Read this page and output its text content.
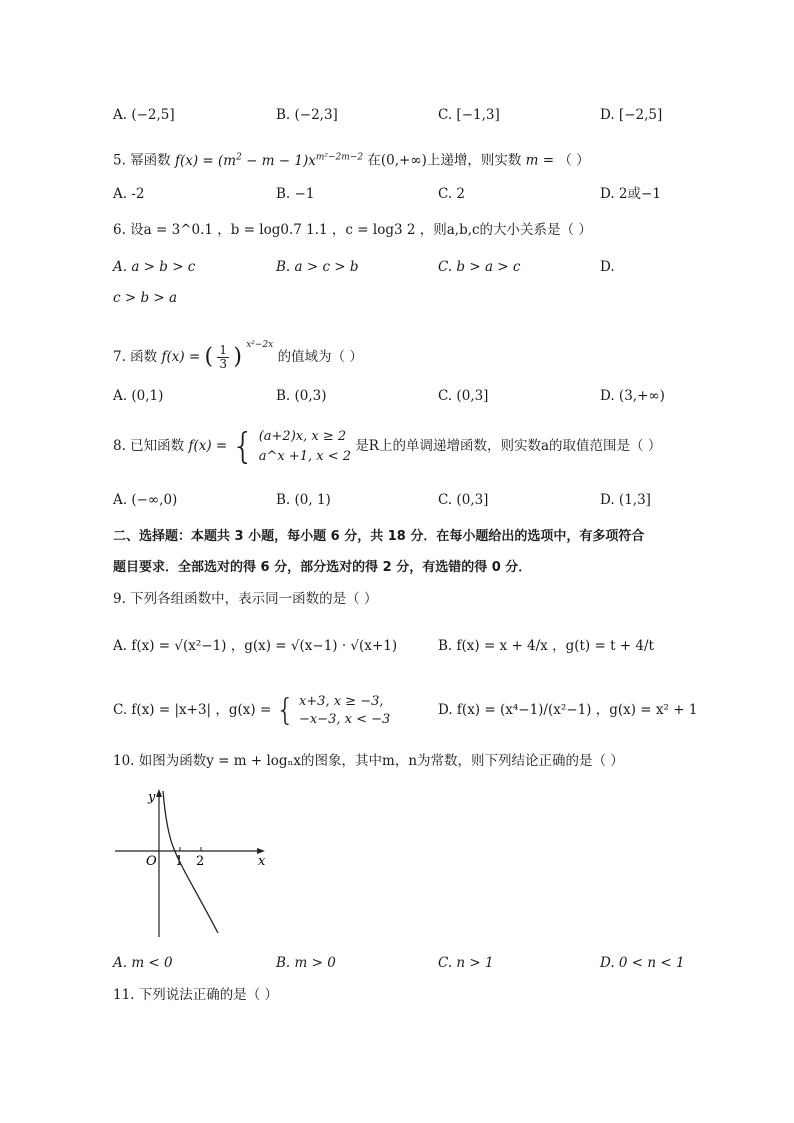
A. (−2,5]	B. (−2,3]	C. [−1,3]	D. [−2,5]
5. 幂函数 $f(x) = (m^2 - m - 1)x^{m^2-2m-2}$ 在(0,+∞)上递增，则实数 m = （ ）
A. -2	B. −1	C. 2	D. 2或−1
6. 设a = 3^0.1 ，b = log0.7 1.1 ，c = log3 2 ，则a,b,c的大小关系是（ ）
A. a > b > c	B. a > c > b	C. b > a > c	D.
c > b > a
7. 函数 f(x) = ( $\frac{1}{3}$ ) $^{x^2-2x}$ 的值域为（ ）
A. (0,1)	B. (0,3)	C. (0,3]	D. (3,+∞)
8. 已知函数 f(x) = { (a+2)x, x ≥ 2
a^x +1, x < 2
是R上的单调递增函数，则实数a的取值范围是（ ）
A. (−∞,0)	B. (0, 1)	C. (0,3]	D. (1,3]
二、选择题：本题共 3 小题，每小题 6 分，共 18 分．在每小题给出的选项中，有多项符合
题目要求．全部选对的得 6 分，部分选对的得 2 分，有选错的得 0 分．
9. 下列各组函数中，表示同一函数的是（ ）
A. f(x) = √(x²−1) ，g(x) = √(x−1) · √(x+1)	B. f(x) = x + 4/x ，g(t) = t + 4/t
C. f(x) = |x+3| ，g(x) = { x+3, x ≥ −3,
−x−3, x < −3
D. f(x) = (x⁴−1)/(x²−1) ，g(x) = x² + 1
10. 如图为函数y = m + logₙx的图象，其中m，n为常数，则下列结论正确的是（ ）
y
x
O 1 2
A. m < 0	B. m > 0	C. n > 1	D. 0 < n < 1
11. 下列说法正确的是（ ）
